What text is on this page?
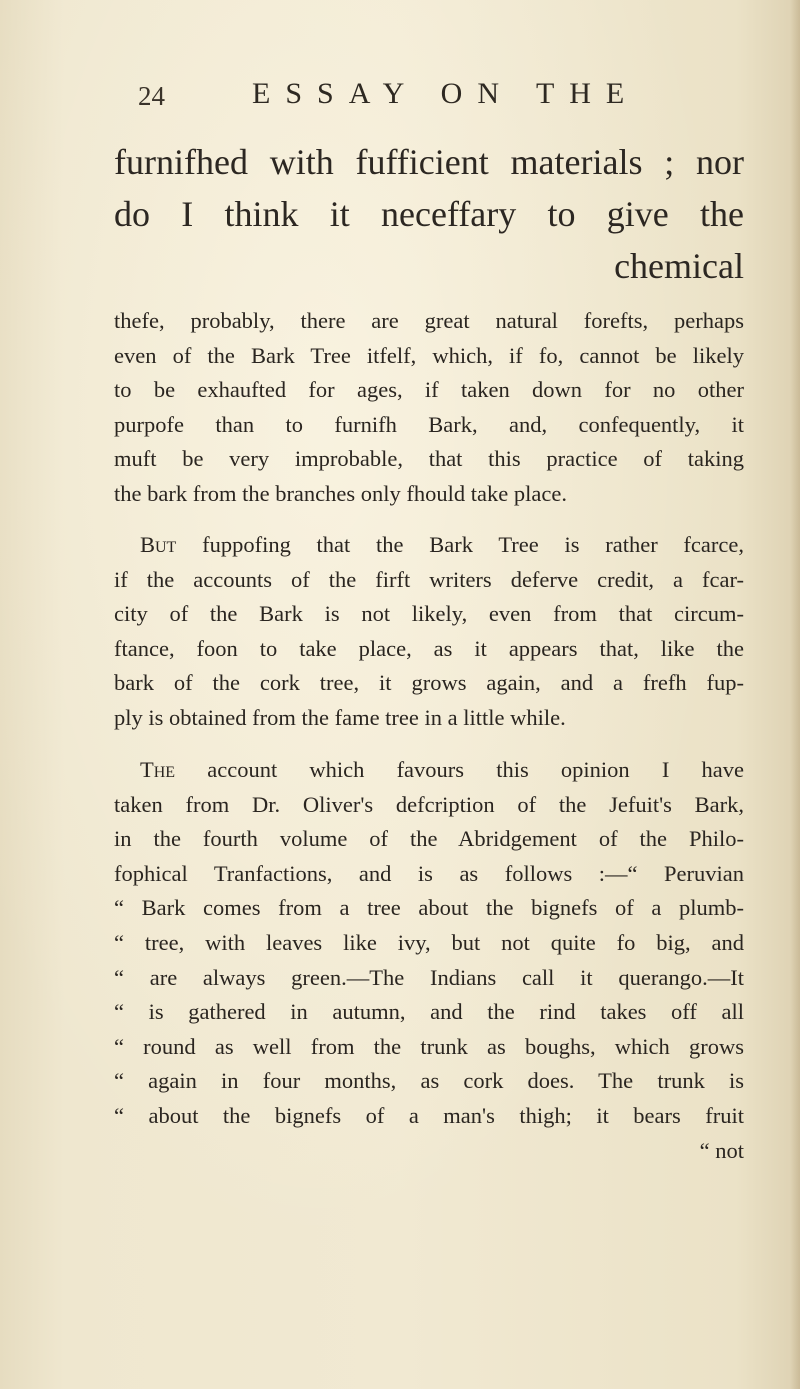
24	ESSAY ON THE
furnifhed with fufficient materials ; nor
do I think it neceffary to give the
chemical
thefe, probably, there are great natural forefts, perhaps
even of the Bark Tree itfelf, which, if fo, cannot be likely
to be exhaufted for ages, if taken down for no other
purpofe than to furnifh Bark, and, confequently, it
muft be very improbable, that this practice of taking
the bark from the branches only fhould take place.
But fuppofing that the Bark Tree is rather fcarce,
if the accounts of the firft writers deferve credit, a fcar-
city of the Bark is not likely, even from that circum-
ftance, foon to take place, as it appears that, like the
bark of the cork tree, it grows again, and a frefh fup-
ply is obtained from the fame tree in a little while.
The account which favours this opinion I have
taken from Dr. Oliver's defcription of the Jefuit's Bark,
in the fourth volume of the Abridgement of the Philo-
fophical Tranfactions, and is as follows :—“ Peruvian
“ Bark comes from a tree about the bignefs of a plumb-
“ tree, with leaves like ivy, but not quite fo big, and
“ are always green.—The Indians call it querango.—It
“ is gathered in autumn, and the rind takes off all
“ round as well from the trunk as boughs, which grows
“ again in four months, as cork does. The trunk is
“ about the bignefs of a man's thigh; it bears fruit
“ not
